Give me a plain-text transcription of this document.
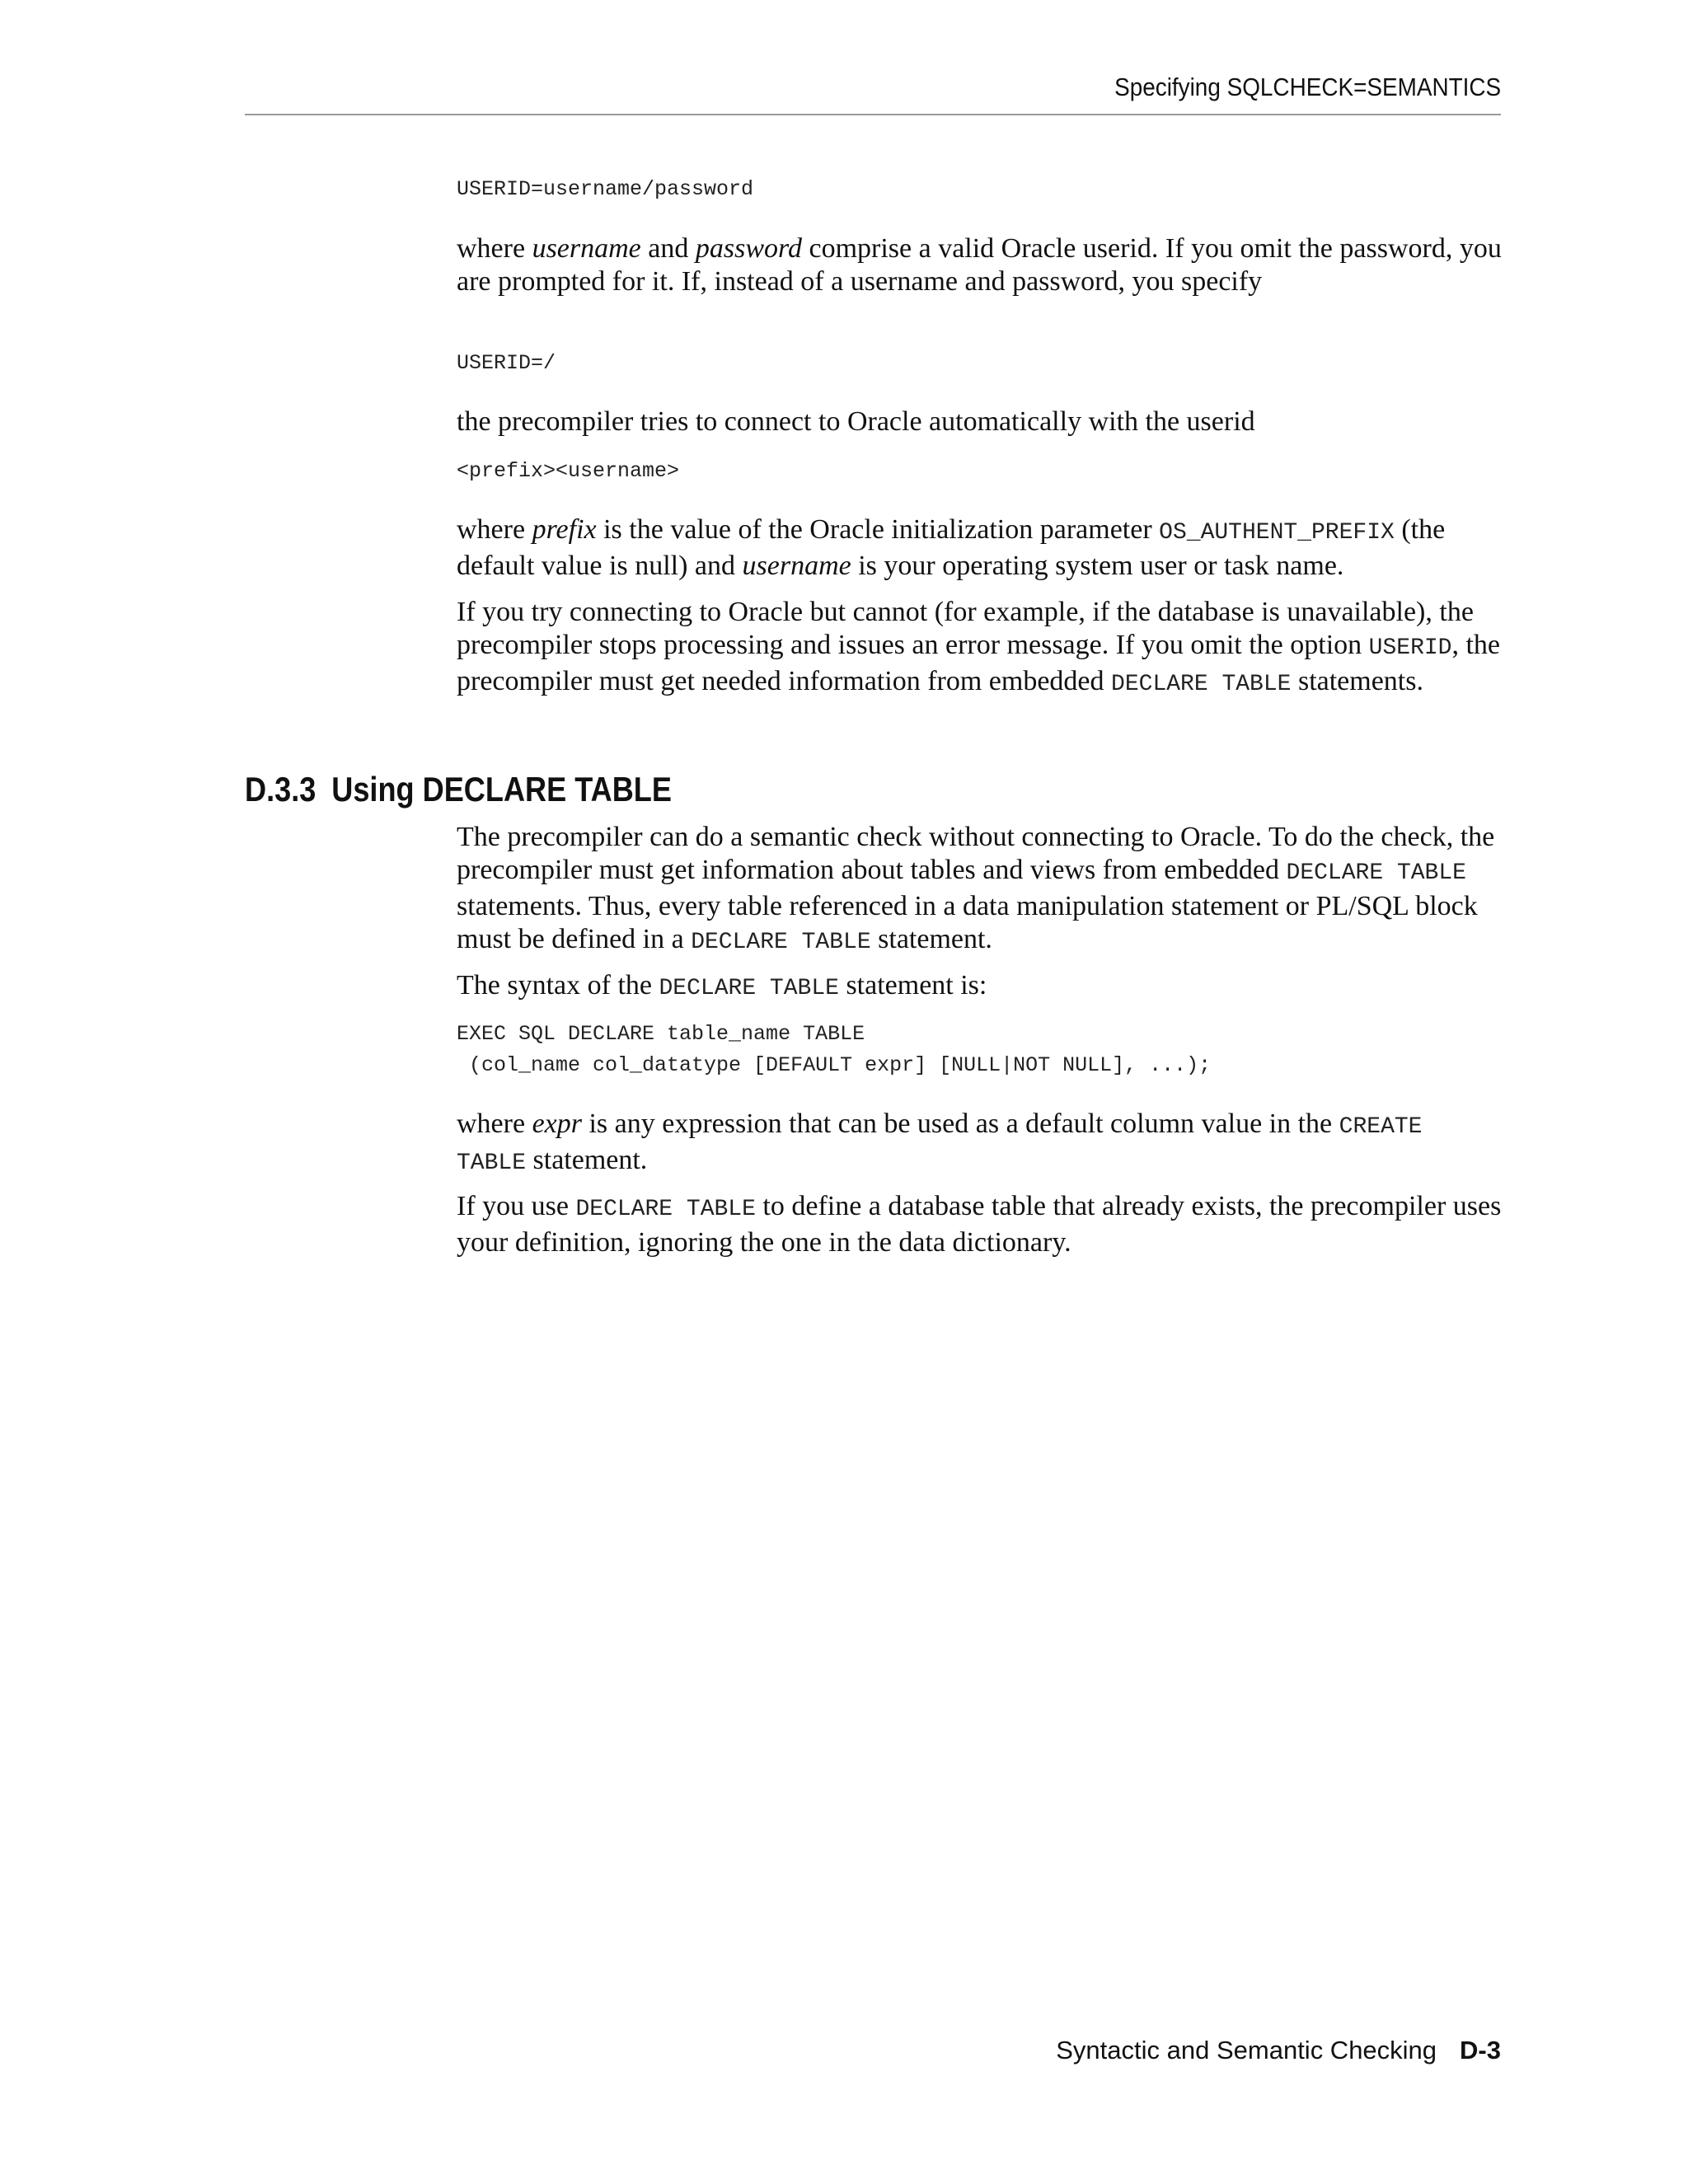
Specifying SQLCHECK=SEMANTICS
USERID=username/password

where username and password comprise a valid Oracle userid. If you omit the password, you are prompted for it. If, instead of a username and password, you specify

USERID=/

the precompiler tries to connect to Oracle automatically with the userid

<prefix><username>

where prefix is the value of the Oracle initialization parameter OS_AUTHENT_PREFIX (the default value is null) and username is your operating system user or task name.

If you try connecting to Oracle but cannot (for example, if the database is unavailable), the precompiler stops processing and issues an error message. If you omit the option USERID, the precompiler must get needed information from embedded DECLARE TABLE statements.

D.3.3 Using DECLARE TABLE

The precompiler can do a semantic check without connecting to Oracle. To do the check, the precompiler must get information about tables and views from embedded DECLARE TABLE statements. Thus, every table referenced in a data manipulation statement or PL/SQL block must be defined in a DECLARE TABLE statement.

The syntax of the DECLARE TABLE statement is:

EXEC SQL DECLARE table_name TABLE
(col_name col_datatype [DEFAULT expr] [NULL|NOT NULL], ...);

where expr is any expression that can be used as a default column value in the CREATE TABLE statement.

If you use DECLARE TABLE to define a database table that already exists, the precompiler uses your definition, ignoring the one in the data dictionary.

Syntactic and Semantic Checking D-3
